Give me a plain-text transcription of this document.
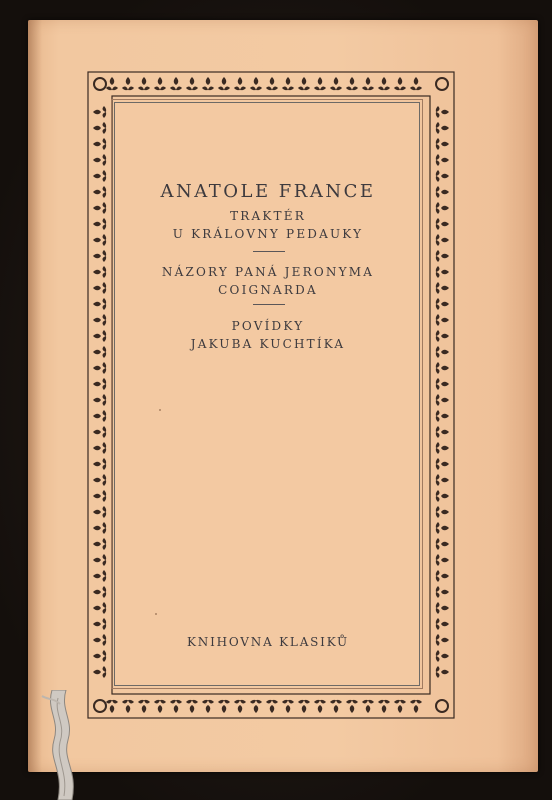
ANATOLE FRANCE
TRAKTÉR
U KRÁLOVNY PEDAUKY
NÁZORY PANÁ JERONYMA
COIGNARDA
POVÍDKY
JAKUBA KUCHTÍKA
KNIHOVNA KLASIKŮ
